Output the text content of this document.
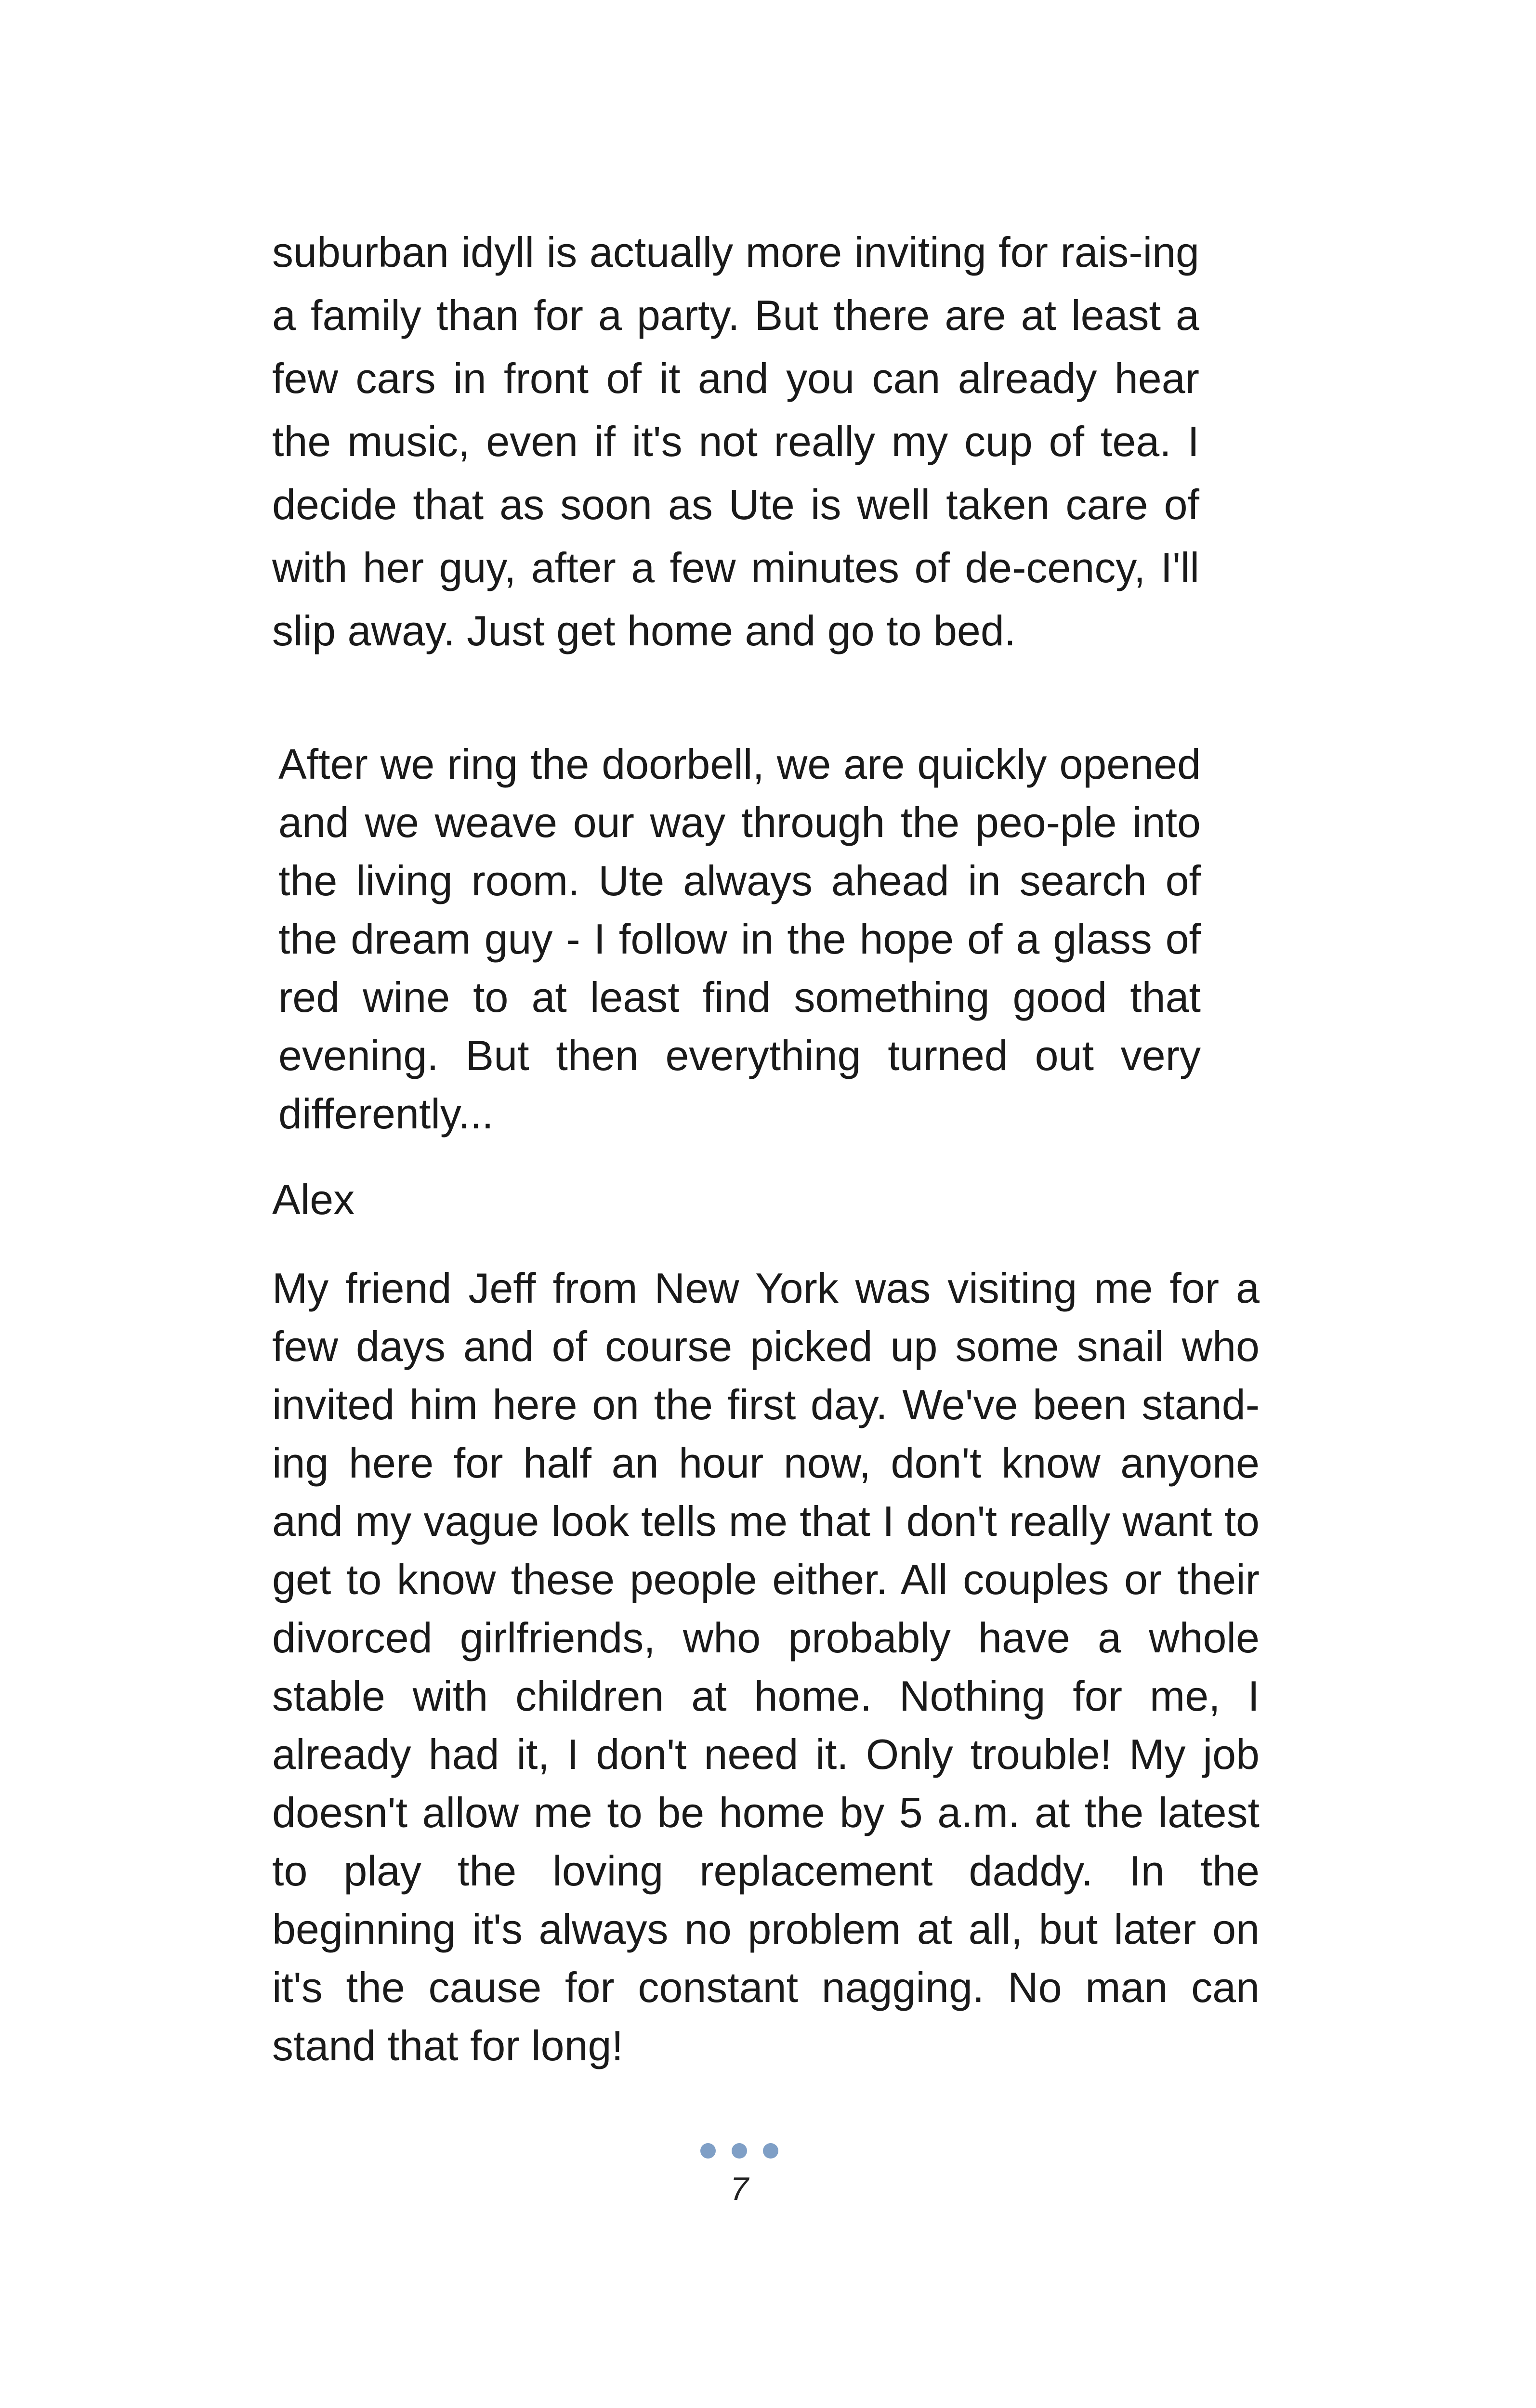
suburban idyll is actually more inviting for rais-ing a family than for a party. But there are at least a few cars in front of it and you can already hear the music, even if it's not really my cup of tea. I decide that as soon as Ute is well taken care of with her guy, after a few minutes of de-cency, I'll slip away. Just get home and go to bed.

After we ring the doorbell, we are quickly opened and we weave our way through the peo-ple into the living room. Ute always ahead in search of the dream guy - I follow in the hope of a glass of red wine to at least find something good that evening. But then everything turned out very differently...

Alex

My friend Jeff from New York was visiting me for a few days and of course picked up some snail who invited him here on the first day. We've been stand-ing here for half an hour now, don't know anyone and my vague look tells me that I don't really want to get to know these people either. All couples or their divorced girlfriends, who probably have a whole stable with children at home. Nothing for me, I already had it, I don't need it. Only trouble! My job doesn't allow me to be home by 5 a.m. at the latest to play the loving replacement daddy. In the beginning it's always no problem at all, but later on it's the cause for constant nagging. No man can stand that for long!

7
